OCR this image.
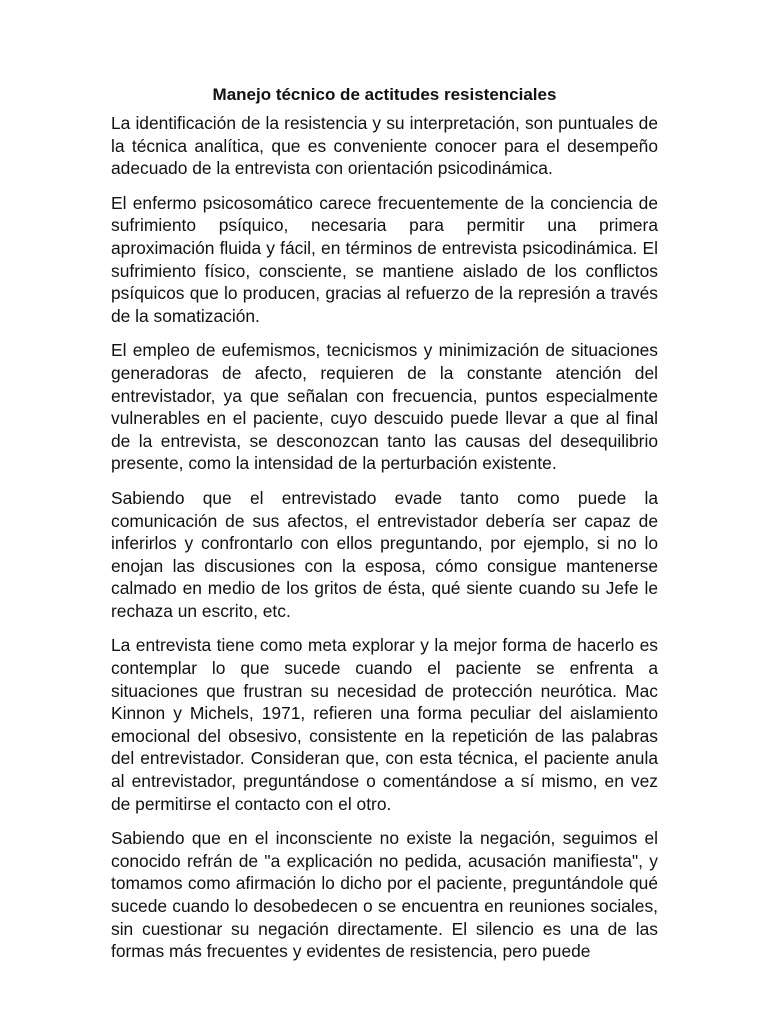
Manejo técnico de actitudes resistenciales

La identificación de la resistencia y su interpretación, son puntuales de la técnica analítica, que es conveniente conocer para el desempeño adecuado de la entrevista con orientación psicodinámica.

El enfermo psicosomático carece frecuentemente de la conciencia de sufrimiento psíquico, necesaria para permitir una primera aproximación fluida y fácil, en términos de entrevista psicodinámica. El sufrimiento físico, consciente, se mantiene aislado de los conflictos psíquicos que lo producen, gracias al refuerzo de la represión a través de la somatización.

El empleo de eufemismos, tecnicismos y minimización de situaciones generadoras de afecto, requieren de la constante atención del entrevistador, ya que señalan con frecuencia, puntos especialmente vulnerables en el paciente, cuyo descuido puede llevar a que al final de la entrevista, se desconozcan tanto las causas del desequilibrio presente, como la intensidad de la perturbación existente.

Sabiendo que el entrevistado evade tanto como puede la comunicación de sus afectos, el entrevistador debería ser capaz de inferirlos y confrontarlo con ellos preguntando, por ejemplo, si no lo enojan las discusiones con la esposa, cómo consigue mantenerse calmado en medio de los gritos de ésta, qué siente cuando su Jefe le rechaza un escrito, etc.

La entrevista tiene como meta explorar y la mejor forma de hacerlo es contemplar lo que sucede cuando el paciente se enfrenta a situaciones que frustran su necesidad de protección neurótica. Mac Kinnon y Michels, 1971, refieren una forma peculiar del aislamiento emocional del obsesivo, consistente en la repetición de las palabras del entrevistador. Consideran que, con esta técnica, el paciente anula al entrevistador, preguntándose o comentándose a sí mismo, en vez de permitirse el contacto con el otro.

Sabiendo que en el inconsciente no existe la negación, seguimos el conocido refrán de "a explicación no pedida, acusación manifiesta", y tomamos como afirmación lo dicho por el paciente, preguntándole qué sucede cuando lo desobedecen o se encuentra en reuniones sociales, sin cuestionar su negación directamente. El silencio es una de las formas más frecuentes y evidentes de resistencia, pero puede
